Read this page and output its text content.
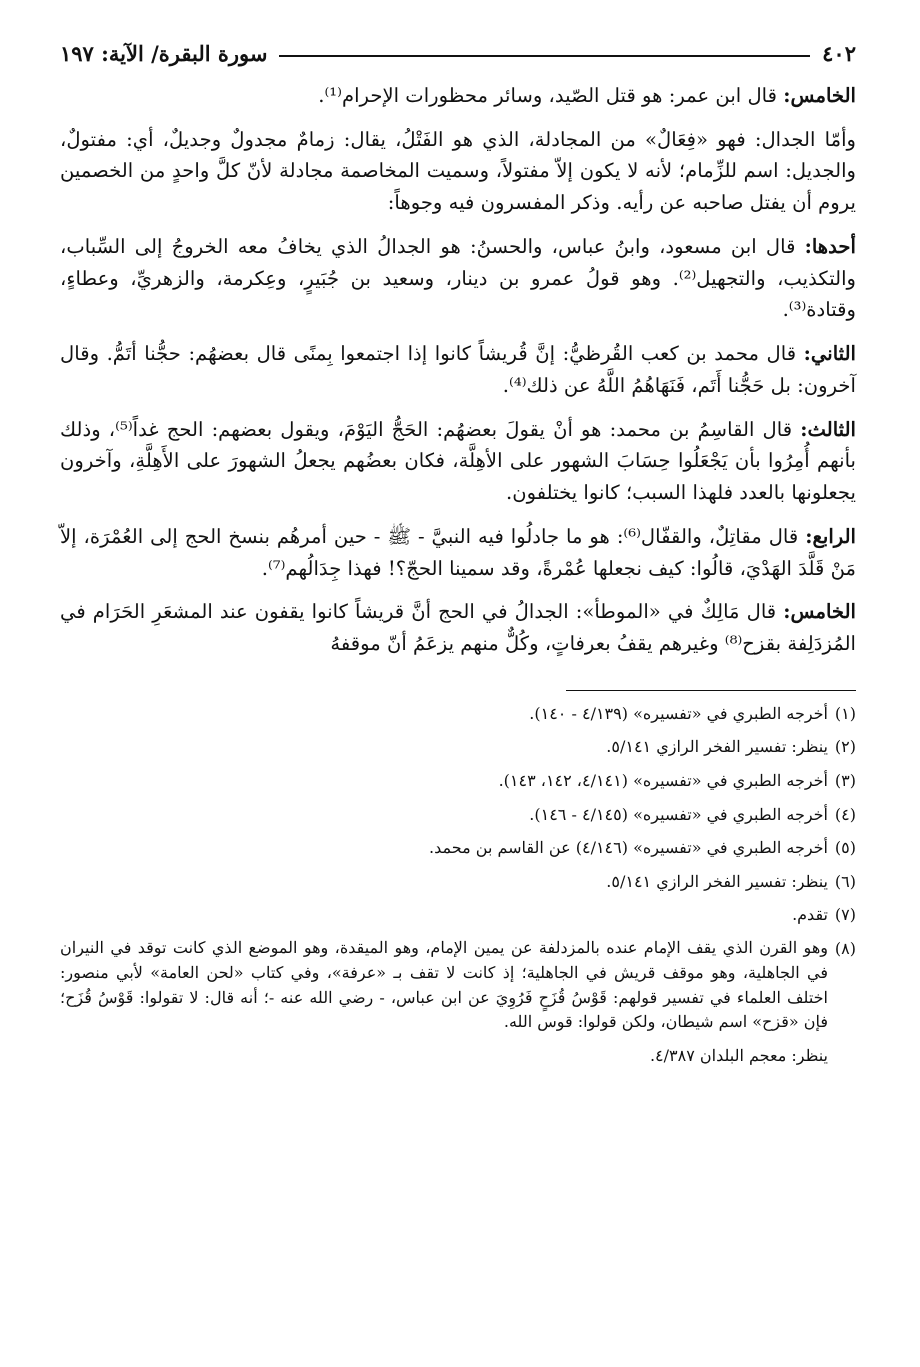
٤٠٢
سورة البقرة/ الآية: ١٩٧

الخامس: قال ابن عمر: هو قتل الصّيد، وسائر محظورات الإحرام⁽¹⁾.

وأمّا الجدال: فهو «فِعَالٌ» من المجادلة، الذي هو الفَتْلُ، يقال: زمامٌ مجدولٌ وجديلٌ، أي: مفتولٌ، والجديل: اسم للزِّمام؛ لأنه لا يكون إلاّ مفتولاً، وسميت المخاصمة مجادلة لأنّ كلَّ واحدٍ من الخصمين يروم أن يفتل صاحبه عن رأيه. وذكر المفسرون فيه وجوهاً:

أحدها: قال ابن مسعود، وابنُ عباس، والحسنُ: هو الجدالُ الذي يخافُ معه الخروجُ إلى السِّباب، والتكذيب، والتجهيل⁽²⁾. وهو قولُ عمرو بن دينار، وسعيد بن جُبَيرٍ، وعِكرمة، والزهريِّ، وعطاءٍ، وقتادة⁽³⁾.

الثاني: قال محمد بن كعب القُرظيُّ: إنَّ قُريشاً كانوا إذا اجتمعوا بِمنًى قال بعضهُم: حجُّنا أتَمُّ. وقال آخرون: بل حَجُّنا أَتَم، فَنَهَاهُمُ اللَّهُ عن ذلك⁽⁴⁾.

الثالث: قال القاسِمُ بن محمد: هو أنْ يقولَ بعضهُم: الحَجُّ اليَوْمَ، ويقول بعضهم: الحج غداً⁽⁵⁾، وذلك بأنهم أُمِرُوا بأن يَجْعَلُوا حِسَابَ الشهور على الأهِلَّة، فكان بعضُهم يجعلُ الشهورَ على الأَهِلَّةِ، وآخرون يجعلونها بالعدد فلهذا السبب؛ كانوا يختلفون.

الرابع: قال مقاتِلٌ، والقفّال⁽⁶⁾: هو ما جادلُوا فيه النبيَّ - ﷺ - حين أمرهُم بنسخ الحج إلى العُمْرَة، إلاّ مَنْ قَلَّدَ الهَدْيَ، قالُوا: كيف نجعلها عُمْرةً، وقد سمينا الحجّ؟! فهذا جِدَالُهم⁽⁷⁾.

الخامس: قال مَالِكٌ في «الموطأ»: الجدالُ في الحج أنَّ قريشاً كانوا يقفون عند المشعَرِ الحَرَام في المُزدَلِفة بقزح⁽⁸⁾ وغيرهم يقفُ بعرفاتٍ، وكُلٌّ منهم يزعَمُ أنّ موقفهُ

(١)
أخرجه الطبري في «تفسيره» (٤/١٣٩ - ١٤٠).
(٢)
ينظر: تفسير الفخر الرازي ٥/١٤١.
(٣)
أخرجه الطبري في «تفسيره» (٤/١٤١، ١٤٢، ١٤٣).
(٤)
أخرجه الطبري في «تفسيره» (٤/١٤٥ - ١٤٦).
(٥)
أخرجه الطبري في «تفسيره» (٤/١٤٦) عن القاسم بن محمد.
(٦)
ينظر: تفسير الفخر الرازي ٥/١٤١.
(٧)
تقدم.
(٨)
وهو القرن الذي يقف الإمام عنده بالمزدلفة عن يمين الإمام، وهو الميقدة، وهو الموضع الذي كانت توقد في النيران في الجاهلية، وهو موقف قريش في الجاهلية؛ إذ كانت لا تقف بـ «عرفة»، وفي كتاب «لحن العامة» لأبي منصور: اختلف العلماء في تفسير قولهم: قَوْسُ قُزَحٍ فَرُوِيَ عن ابن عباس، - رضي الله عنه -؛ أنه قال: لا تقولوا: قَوْسُ قُزَح؛ فإن «قزح» اسم شيطان، ولكن قولوا: قوس الله.
ينظر: معجم البلدان ٤/٣٨٧.
